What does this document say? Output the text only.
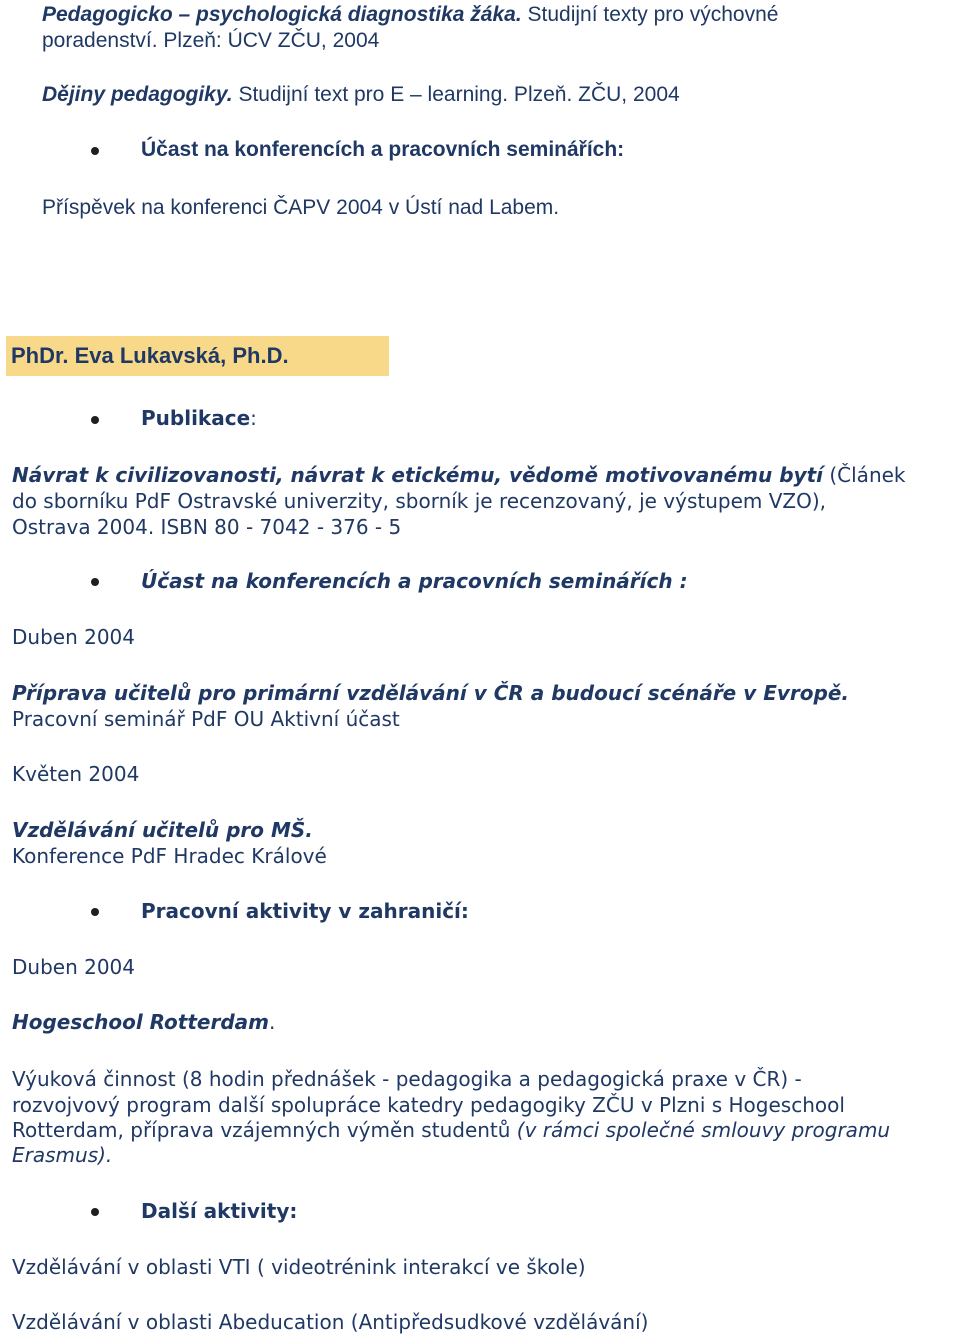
Pedagogicko – psychologická diagnostika žáka. Studijní texty pro výchovné
poradenství. Plzeň: ÚCV ZČU, 2004
Dějiny pedagogiky. Studijní text pro E – learning. Plzeň. ZČU, 2004
Účast na konferencích a pracovních seminářích:
Příspěvek na konferenci ČAPV 2004 v Ústí nad Labem.
PhDr. Eva Lukavská, Ph.D.
Publikace:
Návrat k civilizovanosti, návrat k etickému, vědomě motivovanému bytí (Článek
do sborníku PdF Ostravské univerzity, sborník je recenzovaný, je výstupem VZO),
Ostrava 2004. ISBN 80 - 7042 - 376 - 5
Účast na konferencích a pracovních seminářích :
Duben 2004
Příprava učitelů pro primární vzdělávání v ČR a budoucí scénáře v Evropě.
Pracovní seminář PdF OU Aktivní účast
Květen 2004
Vzdělávání učitelů pro MŠ.
Konference PdF Hradec Králové
Pracovní aktivity v zahraničí:
Duben 2004
Hogeschool Rotterdam.
Výuková činnost (8 hodin přednášek - pedagogika a pedagogická praxe v ČR) -
rozvojvový program další spolupráce katedry pedagogiky ZČU v Plzni s Hogeschool
Rotterdam, příprava vzájemných výměn studentů (v rámci společné smlouvy programu
Erasmus).
Další aktivity:
Vzdělávání v oblasti VTI ( videotrénink interakcí ve škole)
Vzdělávání v oblasti Abeducation (Antipředsudkové vzdělávání)
